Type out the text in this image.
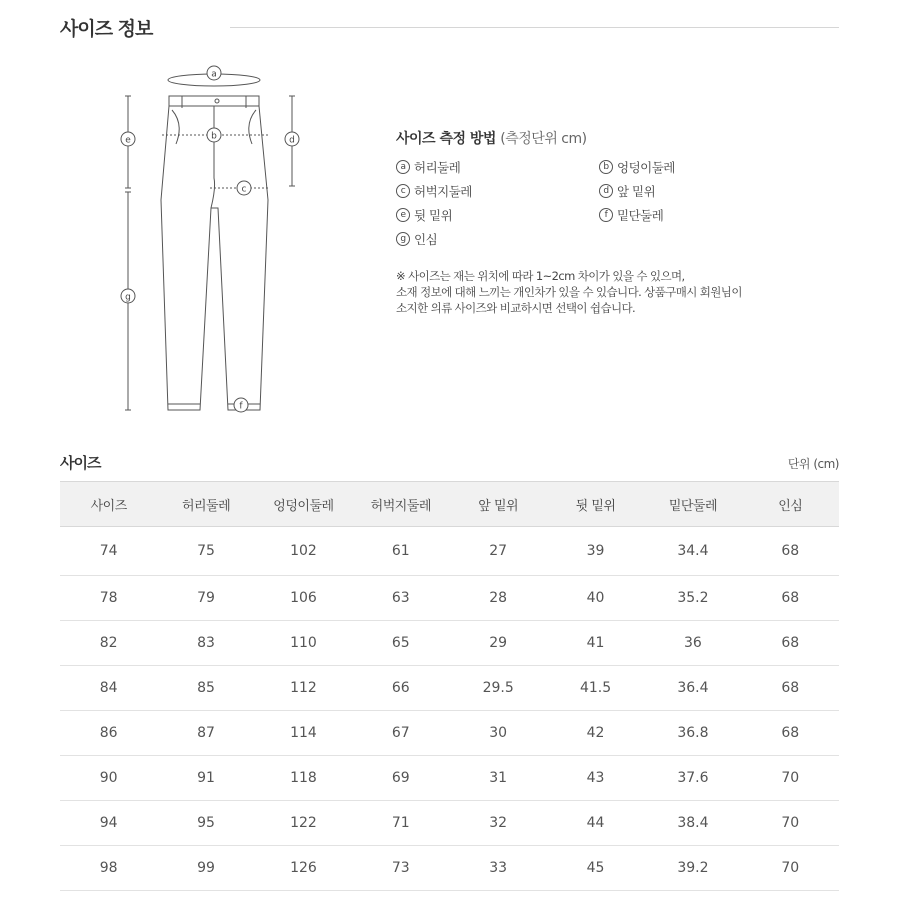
사이즈 정보
a
b
c
d
e
f
g
사이즈 측정 방법 (측정단위 cm)
a 허리둘레	b 엉덩이둘레
c 허벅지둘레	d 앞 밑위
e 뒷 밑위	f 밑단둘레
g 인심
※ 사이즈는 재는 위치에 따라 1~2cm 차이가 있을 수 있으며,
소재 정보에 대해 느끼는 개인차가 있을 수 있습니다. 상품구매시 회원님이
소지한 의류 사이즈와 비교하시면 선택이 쉽습니다.
사이즈	단위 (cm)
사이즈	허리둘레	엉덩이둘레	허벅지둘레	앞 밑위	뒷 밑위	밑단둘레	인심
74	75	102	61	27	39	34.4	68
78	79	106	63	28	40	35.2	68
82	83	110	65	29	41	36	68
84	85	112	66	29.5	41.5	36.4	68
86	87	114	67	30	42	36.8	68
90	91	118	69	31	43	37.6	70
94	95	122	71	32	44	38.4	70
98	99	126	73	33	45	39.2	70
